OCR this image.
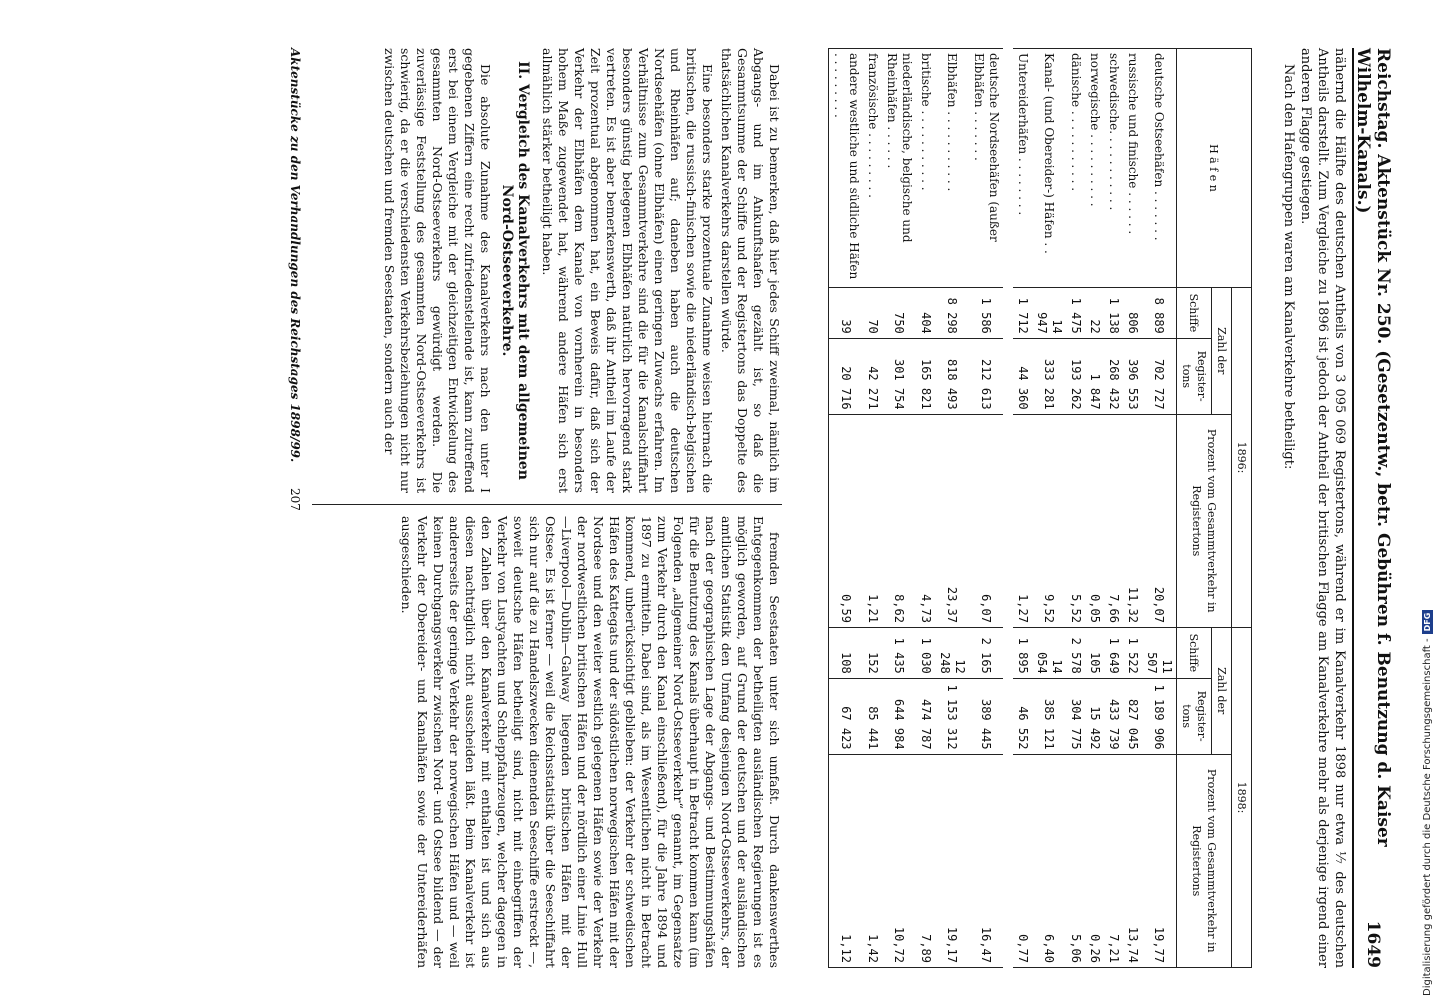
Reichstag. Aktenstück Nr. 250. (Gesetzentw., betr. Gebühren f. Benutzung d. Kaiser Wilhelm-Kanals.)
1649

nähernd die Hälfte des deutschen Antheils von 3 095 069 Registertons, während er im Kanalverkehr 1898 nur etwa ⅐ des deutschen Antheils darstellt. Zum Vergleiche zu 1896 ist jedoch der Antheil der britischen Flagge am Kanalverkehre mehr als derjenige irgend einer anderen Flagge gestiegen.

Nach den Hafengruppen waren am Kanalverkehre betheiligt:

H ä f e n	1896:			1898:		
	Zahl der		Prozent vom Gesammtverkehr in Registertons	Zahl der		Prozent vom Gesammtverkehr in Registertons
	Schiffe	Register-tons		Schiffe	Register-tons	
deutsche Ostseehäfen . . . . . . .	8 889	702 727	20,07	11 507	1 189 906	19,77
russische und finische . . . . . .	806	396 553	11,32	1 522	827 045	13,74
schwedische. . . . . . . . . . .	1 138	268 432	7,66	1 649	433 739	7,21
norwegische . . . . . . . . . .	22	1 847	0,05	105	15 492	0,26
dänische . . . . . . . . . . .	1 475	193 262	5,52	2 578	304 775	5,06
Kanal- (und Obereider-) Häfen . .	14 947	333 281	9,52	14 054	385 121	6,40
Untereiderhäfen . . . . . . . .	1 712	44 360	1,27	1 895	46 552	0,77
deutsche Nordseehäfen (außer Elbhäfen . . . . . . .	1 586	212 613	6,07	2 165	389 445	16,47
Elbhäfen . . . . . . . . . . .	8 298	818 493	23,37	12 248	1 153 312	19,17
britische . . . . . . . . . . .	404	165 821	4,73	1 030	474 787	7,89
niederländische, belgische und Rheinhäfen . . . . . .	750	301 754	8,62	1 435	644 984	10,72
französische . . . . . . . . .	70	42 271	1,21	152	85 441	1,42
andere westliche und südliche Häfen . . . . . . . . .	39	20 716	0,59	108	67 423	1,12

Dabei ist zu bemerken, daß hier jedes Schiff zweimal, nämlich im Abgangs- und im Ankunftshafen gezählt ist, so daß die Gesammtsumme der Schiffe und der Registertons das Doppelte des thatsächlichen Kanalverkehrs darstellen würde.

Eine besonders starke prozentuale Zunahme weisen hiernach die britischen, die russisch-finischen sowie die niederländisch-belgischen und Rheinhäfen auf; daneben haben auch die deutschen Nordseehäfen (ohne Elbhäfen) einen geringen Zuwachs erfahren. Im Verhältnisse zum Gesammtverkehre sind die für die Kanalschiffahrt besonders günstig belegenen Elbhäfen natürlich hervorragend stark vertreten. Es ist aber bemerkenswerth, daß ihr Antheil im Laufe der Zeit prozentual abgenommen hat, ein Beweis dafür, daß sich der Verkehr der Elbhäfen dem Kanale von vornherein in besonders hohem Maße zugewendet hat, während andere Häfen sich erst allmählich stärker betheiligt haben.

II. Vergleich des Kanalverkehrs mit dem allgemeinen Nord-Ostseeverkehre.

Die absolute Zunahme des Kanalverkehrs nach den unter I gegebenen Ziffern eine recht zufriedenstellende ist, kann zutreffend erst bei einem Vergleiche mit der gleichzeitigen Entwickelung des gesammten Nord-Ostseeverkehrs gewürdigt werden. Die zuverlässige Feststellung des gesammten Nord-Ostseeverkehrs ist schwierig, da er die verschiedensten Verkehrsbeziehungen nicht nur zwischen deutschen und fremden Seestaaten, sondern auch der

fremden Seestaaten unter sich umfaßt. Durch dankenswerthes Entgegenkommen der betheiligten ausländischen Regierungen ist es möglich geworden, auf Grund der deutschen und der ausländischen amtlichen Statistik den Umfang desjenigen Nord-Ostseeverkehrs, der nach der geographischen Lage der Abgangs- und Bestimmungshäfen für die Benutzung des Kanals überhaupt in Betracht kommen kann (im Folgenden „allgemeiner Nord-Ostseeverkehr“ genannt, im Gegensatze zum Verkehr durch den Kanal einschließend), für die Jahre 1894 und 1897 zu ermitteln. Dabei sind, als im Wesentlichen nicht in Betracht kommend, unberücksichtigt geblieben: der Verkehr der schwedischen Häfen des Kattegats und der südöstlichen norwegischen Häfen mit der Nordsee und den weiter westlich gelegenen Häfen sowie der Verkehr der nordwestlichen britischen Häfen und der nördlich einer Linie Hull—Liverpool—Dublin—Galway liegenden britischen Häfen mit der Ostsee. Es ist ferner — weil die Reichsstatistik über die Seeschiffahrt sich nur auf die zu Handelszwecken dienenden Seeschiffe erstreckt —, soweit deutsche Häfen betheiligt sind, nicht mit einbegriffen der Verkehr von Lustyachten und Schleppfahrzeugen, welcher dagegen in den Zahlen über den Kanalverkehr mit enthalten ist und sich aus diesen nachträglich nicht ausscheiden läßt. Beim Kanalverkehr ist andererseits der geringe Verkehr der norwegischen Häfen und — weil keinen Durchgangsverkehr zwischen Nord- und Ostsee bildend — der Verkehr der Obereider- und Kanalhäfen sowie der Untereiderhäfen ausgeschieden.

Aktenstücke zu den Verhandlungen des Reichstages 1898/99.
207
Digitalisierung gefördert durch die Deutsche Forschungsgemeinschaft -
DFG
